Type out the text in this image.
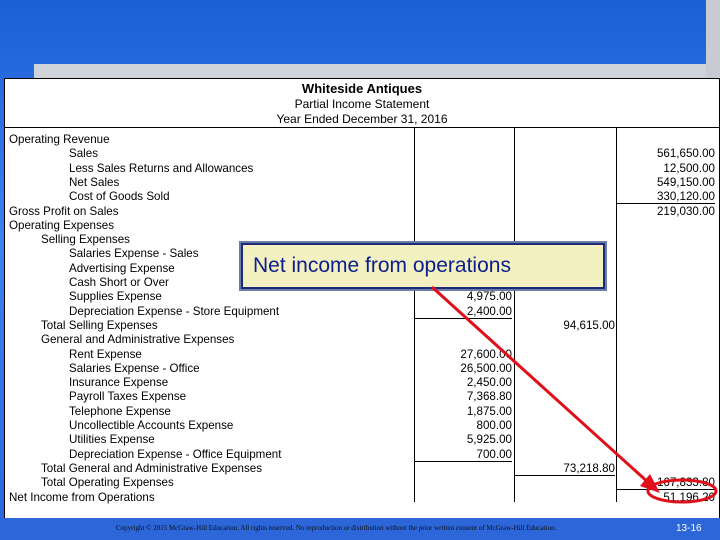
Whiteside Antiques
Partial Income Statement
Year Ended December 31, 2016
Operating Revenue
Sales	561,650.00
Less Sales Returns and Allowances	12,500.00
Net Sales	549,150.00
Cost of Goods Sold	330,120.00
Gross Profit on Sales	219,030.00
Operating Expenses
Selling Expenses
Salaries Expense - Sales
Advertising Expense
Cash Short or Over
Supplies Expense	4,975.00
Depreciation Expense - Store Equipment	2,400.00
Total Selling Expenses	94,615.00
General and Administrative Expenses
Rent Expense	27,600.00
Salaries Expense - Office	26,500.00
Insurance Expense	2,450.00
Payroll Taxes Expense	7,368.80
Telephone Expense	1,875.00
Uncollectible Accounts Expense	800.00
Utilities Expense	5,925.00
Depreciation Expense - Office Equipment	700.00
Total General and Administrative Expenses	73,218.80
Total Operating Expenses	167,833.80
Net Income from Operations	51,196.20
Net income from operations
Copyright © 2015 McGraw-Hill Education. All rights reserved. No reproduction or distribution without the prior written consent of McGraw-Hill Education.	13-16
